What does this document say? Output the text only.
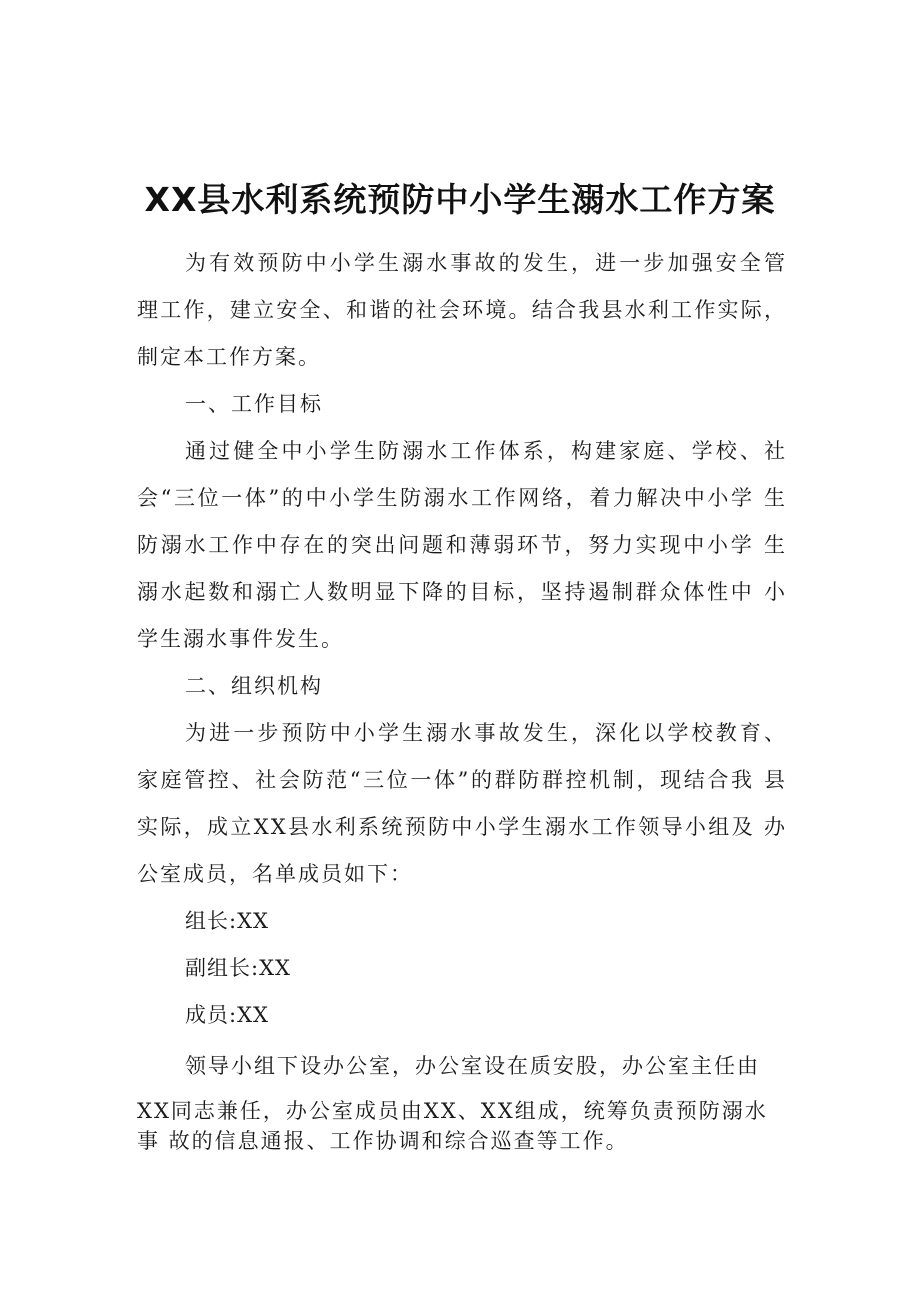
XX县水利系统预防中小学生溺水工作方案

为有效预防中小学生溺水事故的发生，进一步加强安全管 理工作，建立安全、和谐的社会环境。结合我县水利工作实际， 制定本工作方案。

一、工作目标

通过健全中小学生防溺水工作体系，构建家庭、学校、社 会“三位一体”的中小学生防溺水工作网络，着力解决中小学 生防溺水工作中存在的突出问题和薄弱环节，努力实现中小学 生溺水起数和溺亡人数明显下降的目标，坚持遏制群众体性中 小学生溺水事件发生。

二、组织机构

为进一步预防中小学生溺水事故发生，深化以学校教育、 家庭管控、社会防范“三位一体”的群防群控机制，现结合我 县实际，成立XX县水利系统预防中小学生溺水工作领导小组及 办公室成员，名单成员如下：

组长:XX

副组长:XX

成员:XX

领导小组下设办公室，办公室设在质安股，办公室主任由

XX同志兼任，办公室成员由XX、XX组成，统筹负责预防溺水事 故的信息通报、工作协调和综合巡查等工作。
